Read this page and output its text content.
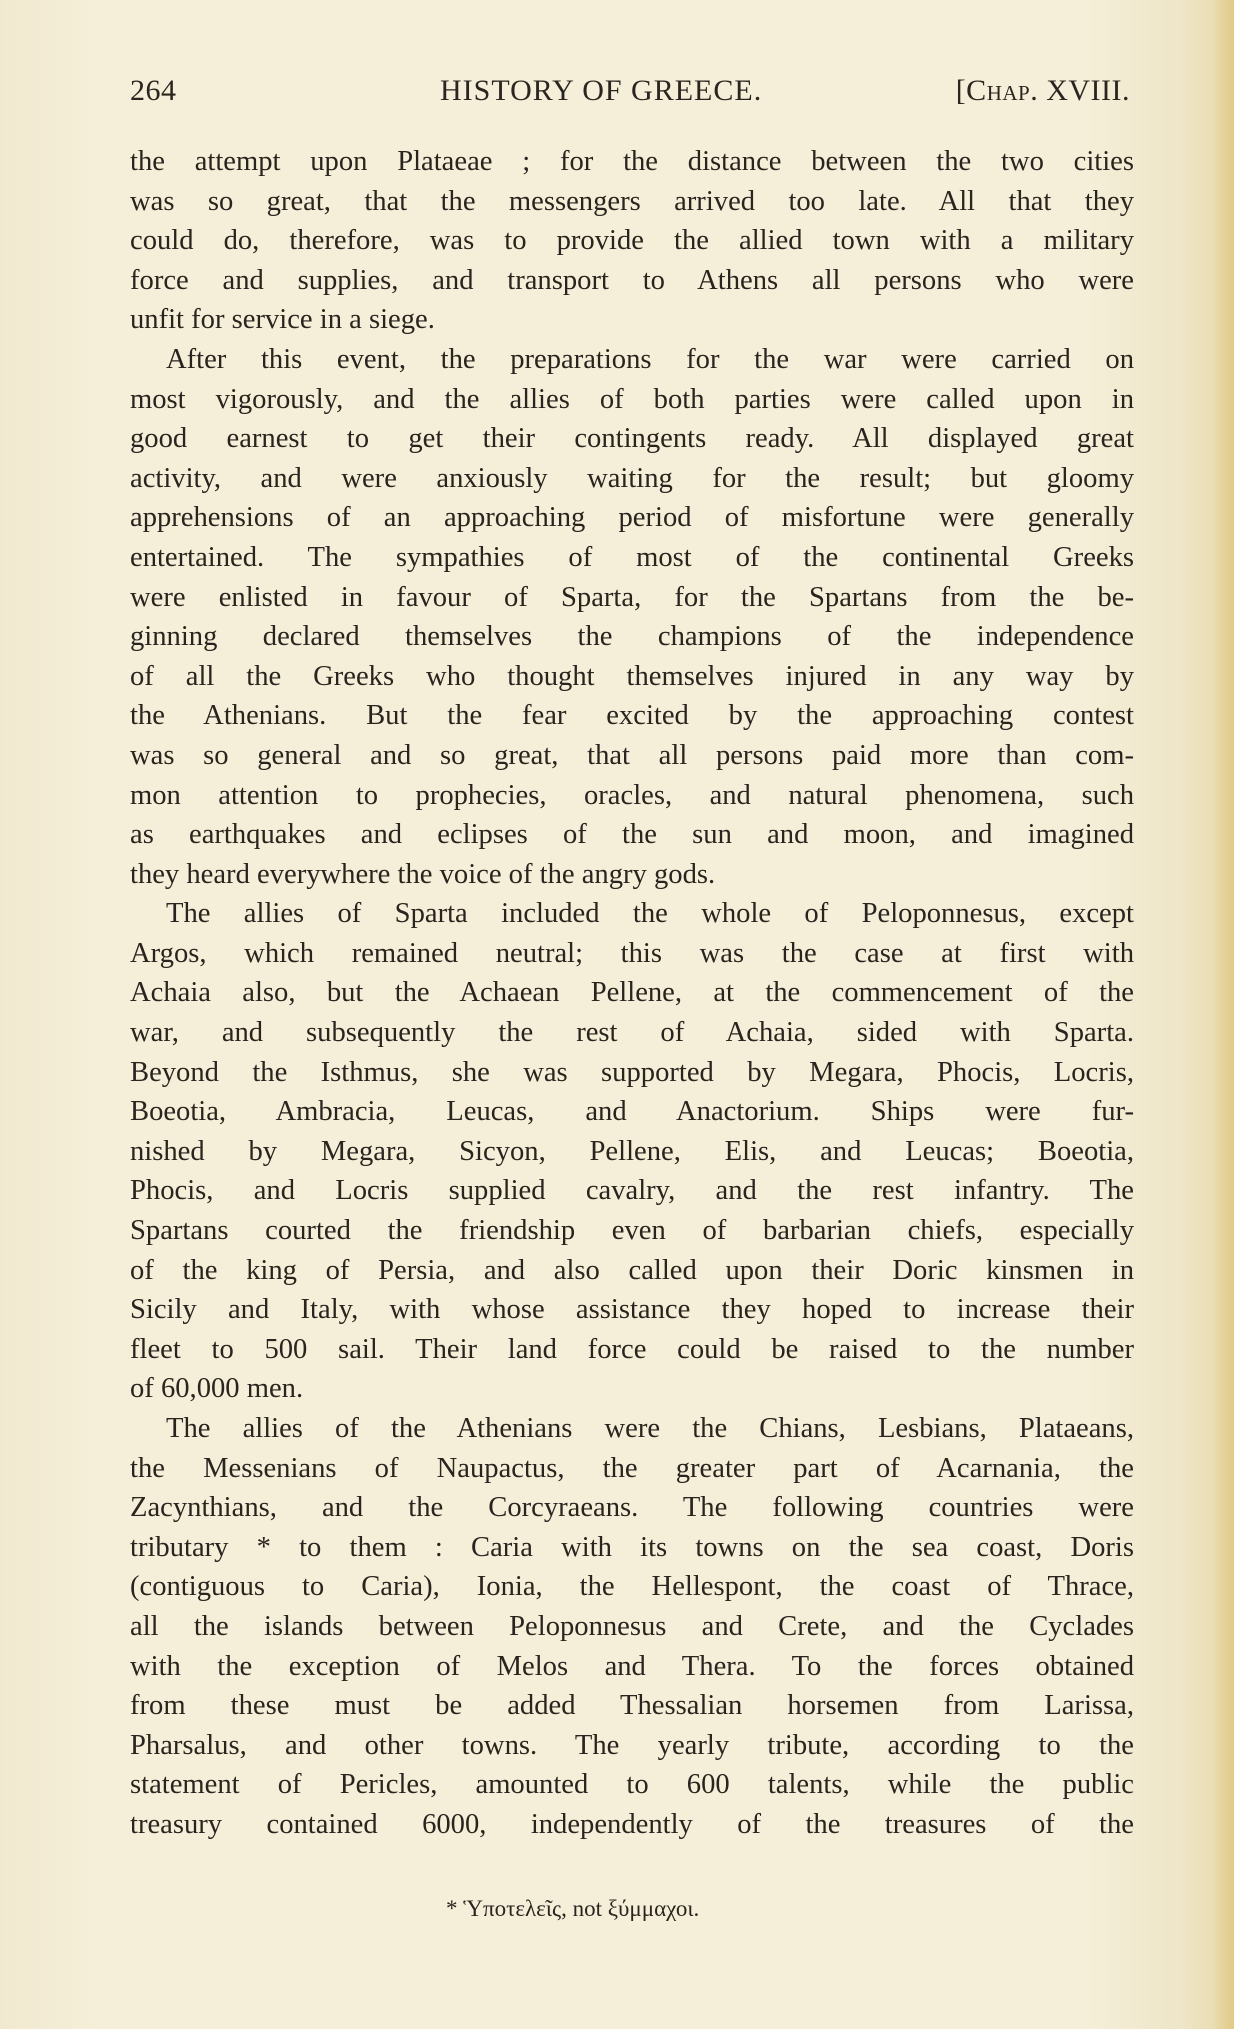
264	HISTORY OF GREECE.	[Chap. XVIII.
the attempt upon Plataeae ; for the distance between the two cities
was so great, that the messengers arrived too late. All that they
could do, therefore, was to provide the allied town with a military
force and supplies, and transport to Athens all persons who were
unfit for service in a siege.
After this event, the preparations for the war were carried on
most vigorously, and the allies of both parties were called upon in
good earnest to get their contingents ready. All displayed great
activity, and were anxiously waiting for the result; but gloomy
apprehensions of an approaching period of misfortune were generally
entertained. The sympathies of most of the continental Greeks
were enlisted in favour of Sparta, for the Spartans from the be-
ginning declared themselves the champions of the independence
of all the Greeks who thought themselves injured in any way by
the Athenians. But the fear excited by the approaching contest
was so general and so great, that all persons paid more than com-
mon attention to prophecies, oracles, and natural phenomena, such
as earthquakes and eclipses of the sun and moon, and imagined
they heard everywhere the voice of the angry gods.
The allies of Sparta included the whole of Peloponnesus, except
Argos, which remained neutral; this was the case at first with
Achaia also, but the Achaean Pellene, at the commencement of the
war, and subsequently the rest of Achaia, sided with Sparta.
Beyond the Isthmus, she was supported by Megara, Phocis, Locris,
Boeotia, Ambracia, Leucas, and Anactorium. Ships were fur-
nished by Megara, Sicyon, Pellene, Elis, and Leucas; Boeotia,
Phocis, and Locris supplied cavalry, and the rest infantry. The
Spartans courted the friendship even of barbarian chiefs, especially
of the king of Persia, and also called upon their Doric kinsmen in
Sicily and Italy, with whose assistance they hoped to increase their
fleet to 500 sail. Their land force could be raised to the number
of 60,000 men.
The allies of the Athenians were the Chians, Lesbians, Plataeans,
the Messenians of Naupactus, the greater part of Acarnania, the
Zacynthians, and the Corcyraeans. The following countries were
tributary * to them : Caria with its towns on the sea coast, Doris
(contiguous to Caria), Ionia, the Hellespont, the coast of Thrace,
all the islands between Peloponnesus and Crete, and the Cyclades
with the exception of Melos and Thera. To the forces obtained
from these must be added Thessalian horsemen from Larissa,
Pharsalus, and other towns. The yearly tribute, according to the
statement of Pericles, amounted to 600 talents, while the public
treasury contained 6000, independently of the treasures of the
* Ὑποτελεῖς, not ξύμμαχοι.
